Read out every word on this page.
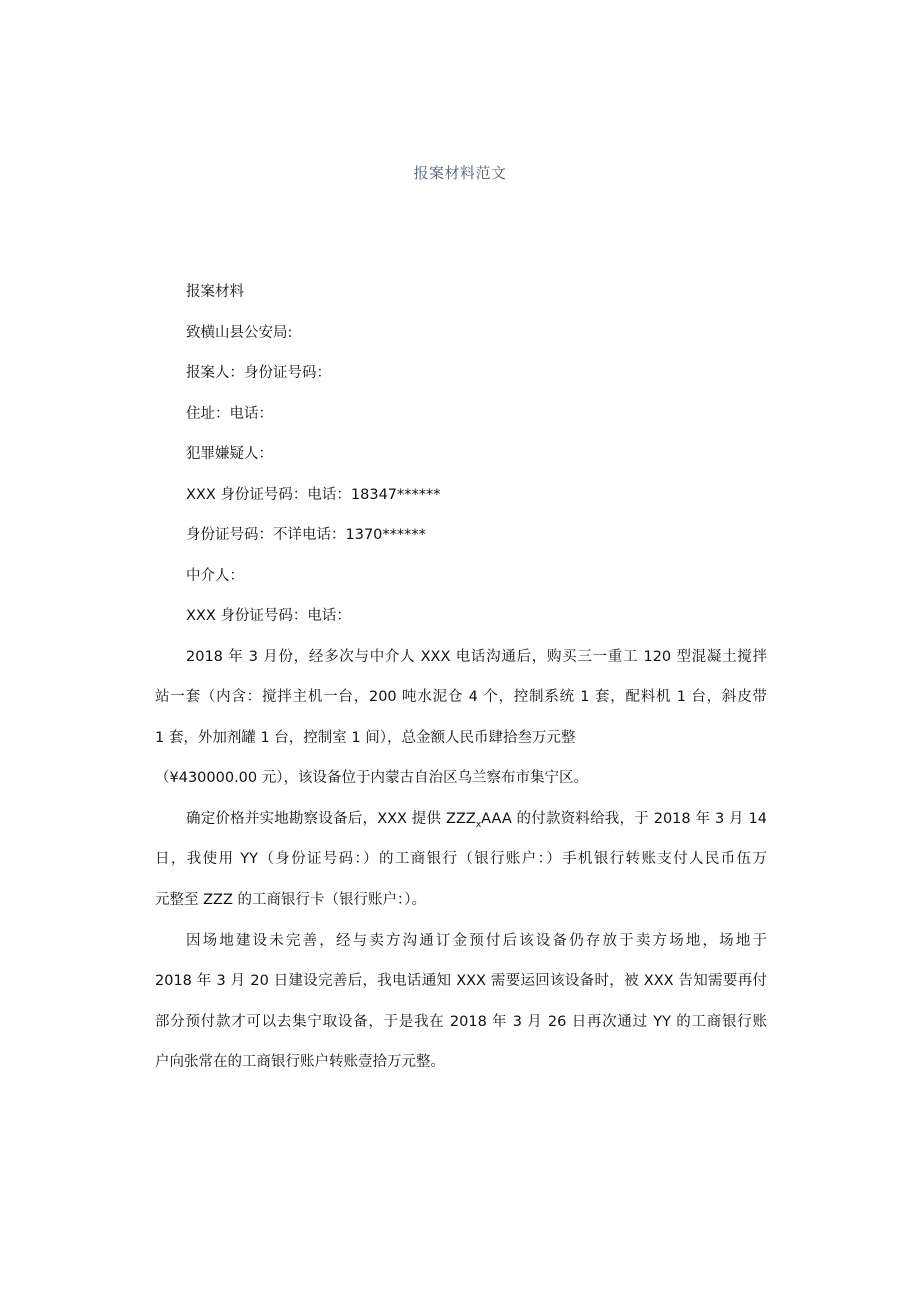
报案材料范文
报案材料
致横山县公安局:
报案人：身份证号码：
住址：电话：
犯罪嫌疑人：
XXX 身份证号码：电话：18347******
身份证号码：不详电话：1370******
中介人：
XXX 身份证号码：电话：
2018 年 3 月份，经多次与中介人 XXX 电话沟通后，购买三一重工 120 型混凝土搅拌
站一套（内含：搅拌主机一台，200 吨水泥仓 4 个，控制系统 1 套，配料机 1 台，斜皮带
1 套，外加剂罐 1 台，控制室 1 间），总金额人民币肆拾叁万元整
（¥430000.00 元），该设备位于内蒙古自治区乌兰察布市集宁区。
确定价格并实地勘察设备后，XXX 提供 $ZZZ_xAAA$ 的付款资料给我，于 2018 年 3 月 14
日，我使用 YY（身份证号码：）的工商银行（银行账户：）手机银行转账支付人民币伍万
元整至 ZZZ 的工商银行卡（银行账户：）。
因场地建设未完善，经与卖方沟通订金预付后该设备仍存放于卖方场地，场地于
2018 年 3 月 20 日建设完善后，我电话通知 XXX 需要运回该设备时，被 XXX 告知需要再付
部分预付款才可以去集宁取设备，于是我在 2018 年 3 月 26 日再次通过 YY 的工商银行账
户向张常在的工商银行账户转账壹拾万元整。
